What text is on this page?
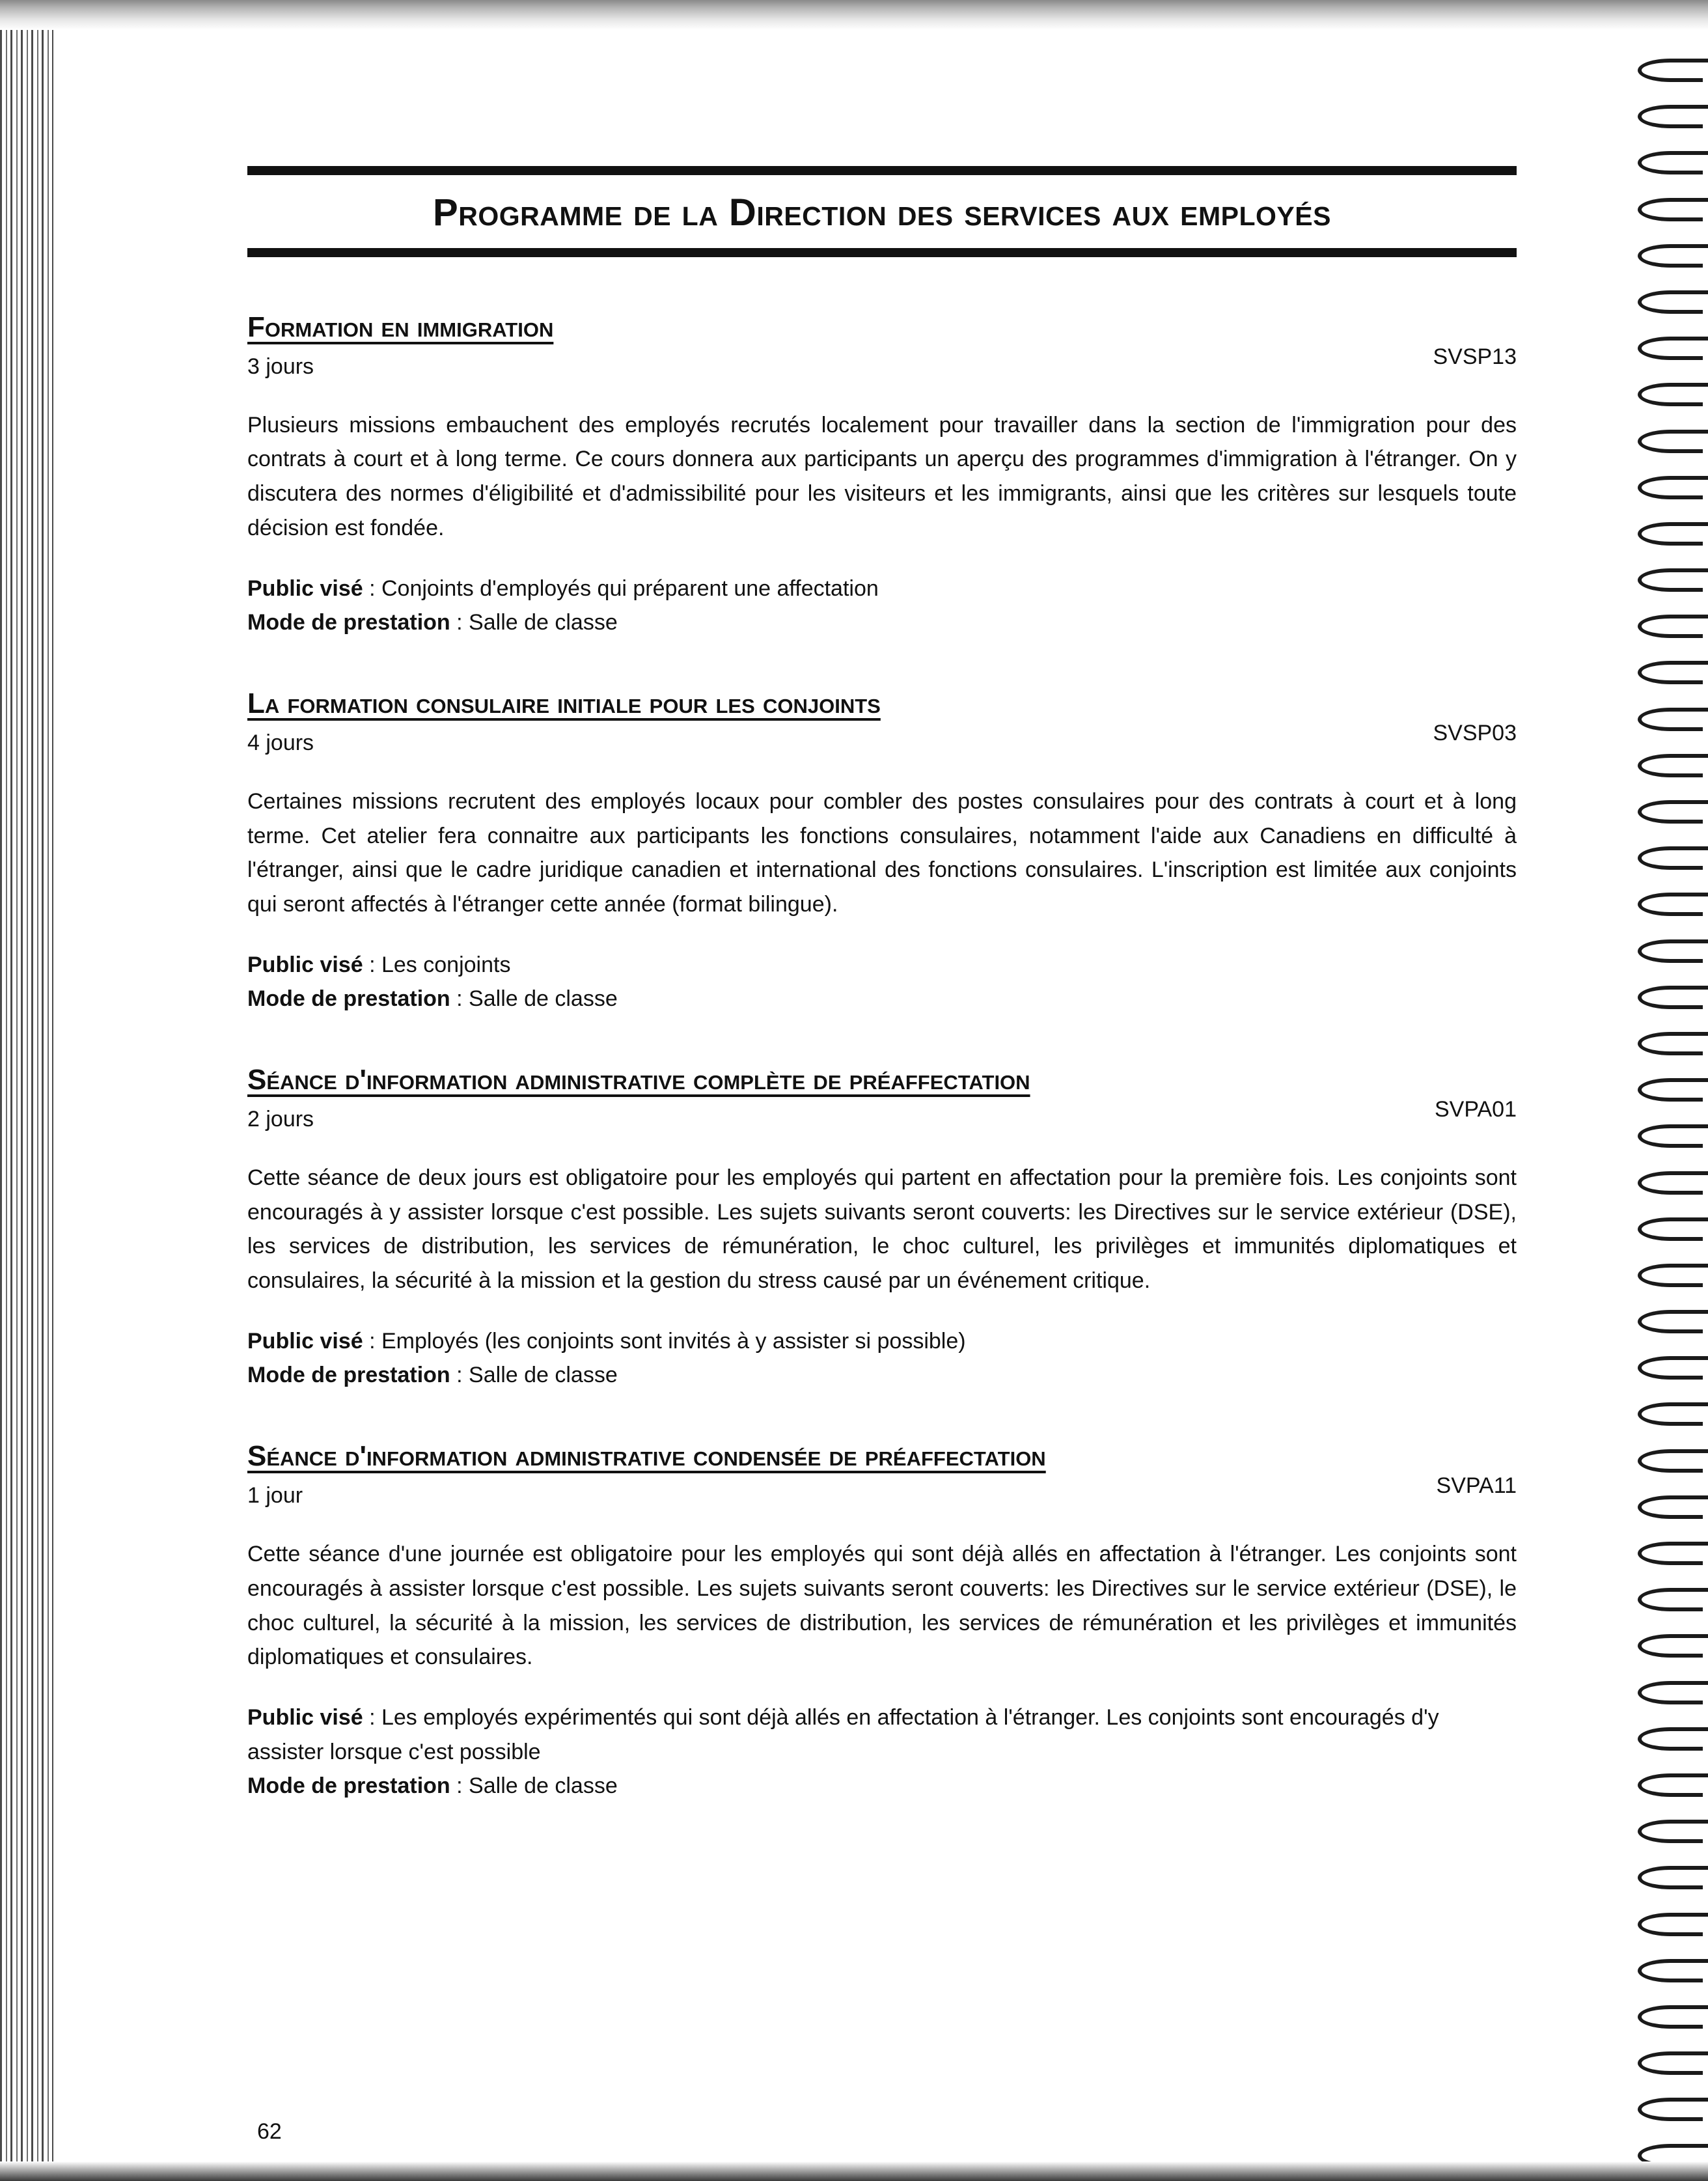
Programme de la Direction des services aux employés
Formation en immigration
SVSP13
3 jours
Plusieurs missions embauchent des employés recrutés localement pour travailler dans la section de l'immigration pour des contrats à court et à long terme. Ce cours donnera aux participants un aperçu des programmes d'immigration à l'étranger. On y discutera des normes d'éligibilité et d'admissibilité pour les visiteurs et les immigrants, ainsi que les critères sur lesquels toute décision est fondée.
Public visé : Conjoints d'employés qui préparent une affectation
Mode de prestation : Salle de classe
La formation consulaire initiale pour les conjoints
SVSP03
4 jours
Certaines missions recrutent des employés locaux pour combler des postes consulaires pour des contrats à court et à long terme. Cet atelier fera connaitre aux participants les fonctions consulaires, notamment l'aide aux Canadiens en difficulté à l'étranger, ainsi que le cadre juridique canadien et international des fonctions consulaires. L'inscription est limitée aux conjoints qui seront affectés à l'étranger cette année (format bilingue).
Public visé : Les conjoints
Mode de prestation : Salle de classe
Séance d'information administrative complète de préaffectation
SVPA01
2 jours
Cette séance de deux jours est obligatoire pour les employés qui partent en affectation pour la première fois. Les conjoints sont encouragés à y assister lorsque c'est possible. Les sujets suivants seront couverts: les Directives sur le service extérieur (DSE), les services de distribution, les services de rémunération, le choc culturel, les privilèges et immunités diplomatiques et consulaires, la sécurité à la mission et la gestion du stress causé par un événement critique.
Public visé : Employés (les conjoints sont invités à y assister si possible)
Mode de prestation : Salle de classe
Séance d'information administrative condensée de préaffectation
SVPA11
1 jour
Cette séance d'une journée est obligatoire pour les employés qui sont déjà allés en affectation à l'étranger. Les conjoints sont encouragés à assister lorsque c'est possible. Les sujets suivants seront couverts: les Directives sur le service extérieur (DSE), le choc culturel, la sécurité à la mission, les services de distribution, les services de rémunération et les privilèges et immunités diplomatiques et consulaires.
Public visé : Les employés expérimentés qui sont déjà allés en affectation à l'étranger. Les conjoints sont encouragés d'y assister lorsque c'est possible
Mode de prestation : Salle de classe
62
